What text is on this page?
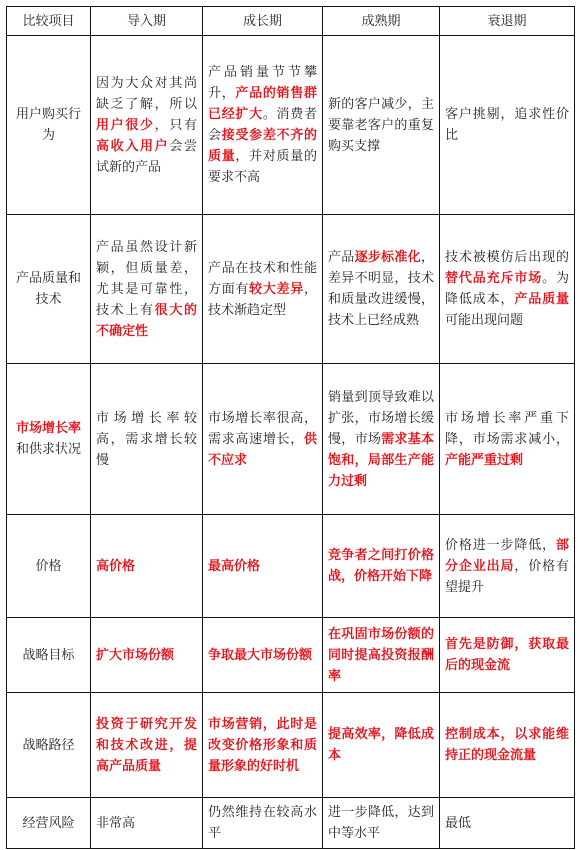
比较项目	导入期	成长期	成熟期	衰退期
用户购买行为	因为大众对其尚缺乏了解，所以用户很少，只有高收入用户会尝试新的产品	产品销量节节攀升，产品的销售群已经扩大。消费者会接受参差不齐的质量，并对质量的要求不高	新的客户减少，主要靠老客户的重复购买支撑	客户挑剔，追求性价比
产品质量和技术	产品虽然设计新颖，但质量差，尤其是可靠性，技术上有很大的不确定性	产品在技术和性能方面有较大差异，技术渐趋定型	产品逐步标准化，差异不明显，技术和质量改进缓慢，技术上已经成熟	技术被模仿后出现的替代品充斥市场。为降低成本，产品质量可能出现问题
市场增长率和供求状况	市场增长率较高，需求增长较慢	市场增长率很高，需求高速增长，供不应求	销量到顶导致难以扩张，市场增长缓慢，市场需求基本饱和，局部生产能力过剩	市场增长率严重下降，市场需求减小，产能严重过剩
价格	高价格	最高价格	竞争者之间打价格战，价格开始下降	价格进一步降低，部分企业出局，价格有望提升
战略目标	扩大市场份额	争取最大市场份额	在巩固市场份额的同时提高投资报酬率	首先是防御，获取最后的现金流
战略路径	投资于研究开发和技术改进，提高产品质量	市场营销，此时是改变价格形象和质量形象的好时机	提高效率，降低成本	控制成本，以求能维持正的现金流量
经营风险	非常高	仍然维持在较高水平	进一步降低，达到中等水平	最低
